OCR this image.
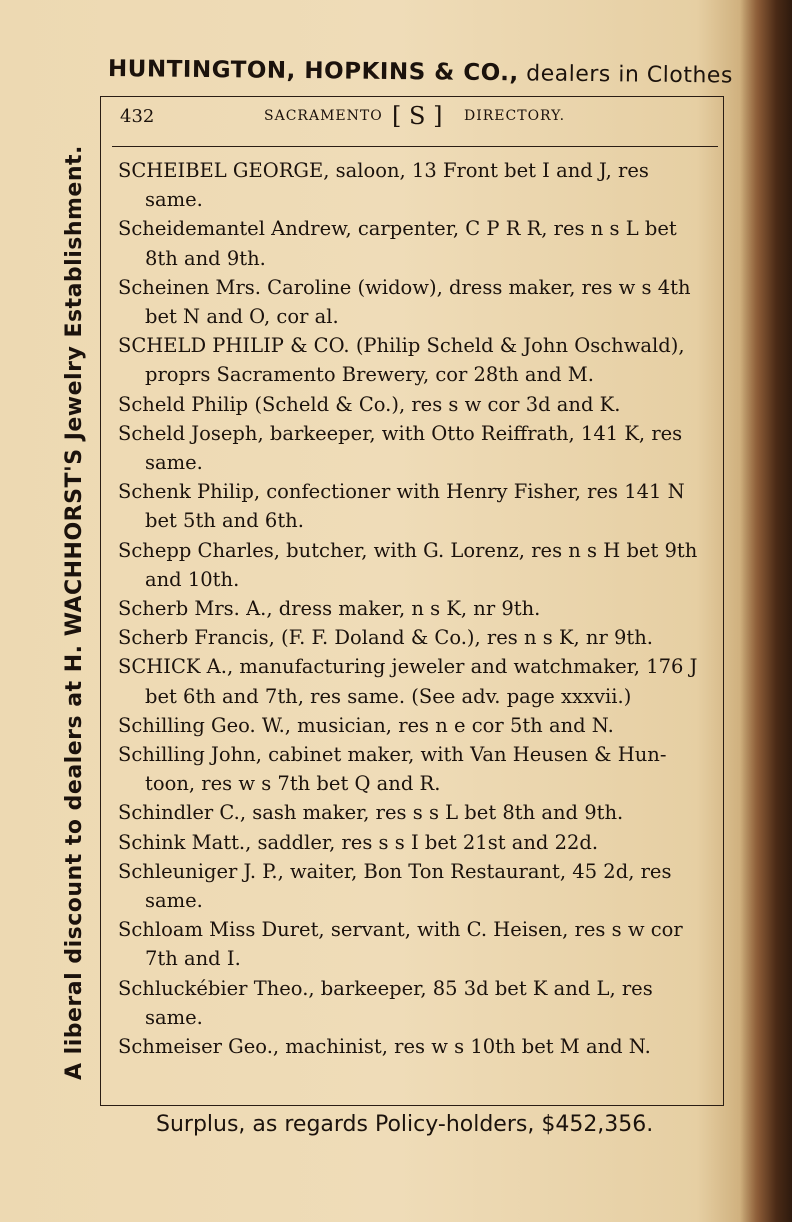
HUNTINGTON, HOPKINS & CO., dealers in Clothes
A liberal discount to dealers at H. WACHHORST'S Jewelry Establishment.
432	SACRAMENTO [ S ] DIRECTORY.

SCHEIBEL GEORGE, saloon, 13 Front bet I and J, res same.

Scheidemantel Andrew, carpenter, C P R R, res n s L bet 8th and 9th.

Scheinen Mrs. Caroline (widow), dress maker, res w s 4th bet N and O, cor al.

SCHELD PHILIP & CO. (Philip Scheld & John Oschwald), proprs Sacramento Brewery, cor 28th and M.

Scheld Philip (Scheld & Co.), res s w cor 3d and K.

Scheld Joseph, barkeeper, with Otto Reiffrath, 141 K, res same.

Schenk Philip, confectioner with Henry Fisher, res 141 N bet 5th and 6th.

Schepp Charles, butcher, with G. Lorenz, res n s H bet 9th and 10th.

Scherb Mrs. A., dress maker, n s K, nr 9th.

Scherb Francis, (F. F. Doland & Co.), res n s K, nr 9th.

SCHICK A., manufacturing jeweler and watchmaker, 176 J bet 6th and 7th, res same. (See adv. page xxxvii.)

Schilling Geo. W., musician, res n e cor 5th and N.

Schilling John, cabinet maker, with Van Heusen & Huntoon, res w s 7th bet Q and R.

Schindler C., sash maker, res s s L bet 8th and 9th.

Schink Matt., saddler, res s s I bet 21st and 22d.

Schleuniger J. P., waiter, Bon Ton Restaurant, 45 2d, res same.

Schloam Miss Duret, servant, with C. Heisen, res s w cor 7th and I.

Schluckébier Theo., barkeeper, 85 3d bet K and L, res same.

Schmeiser Geo., machinist, res w s 10th bet M and N.

Surplus, as regards Policy-holders, $452,356.
